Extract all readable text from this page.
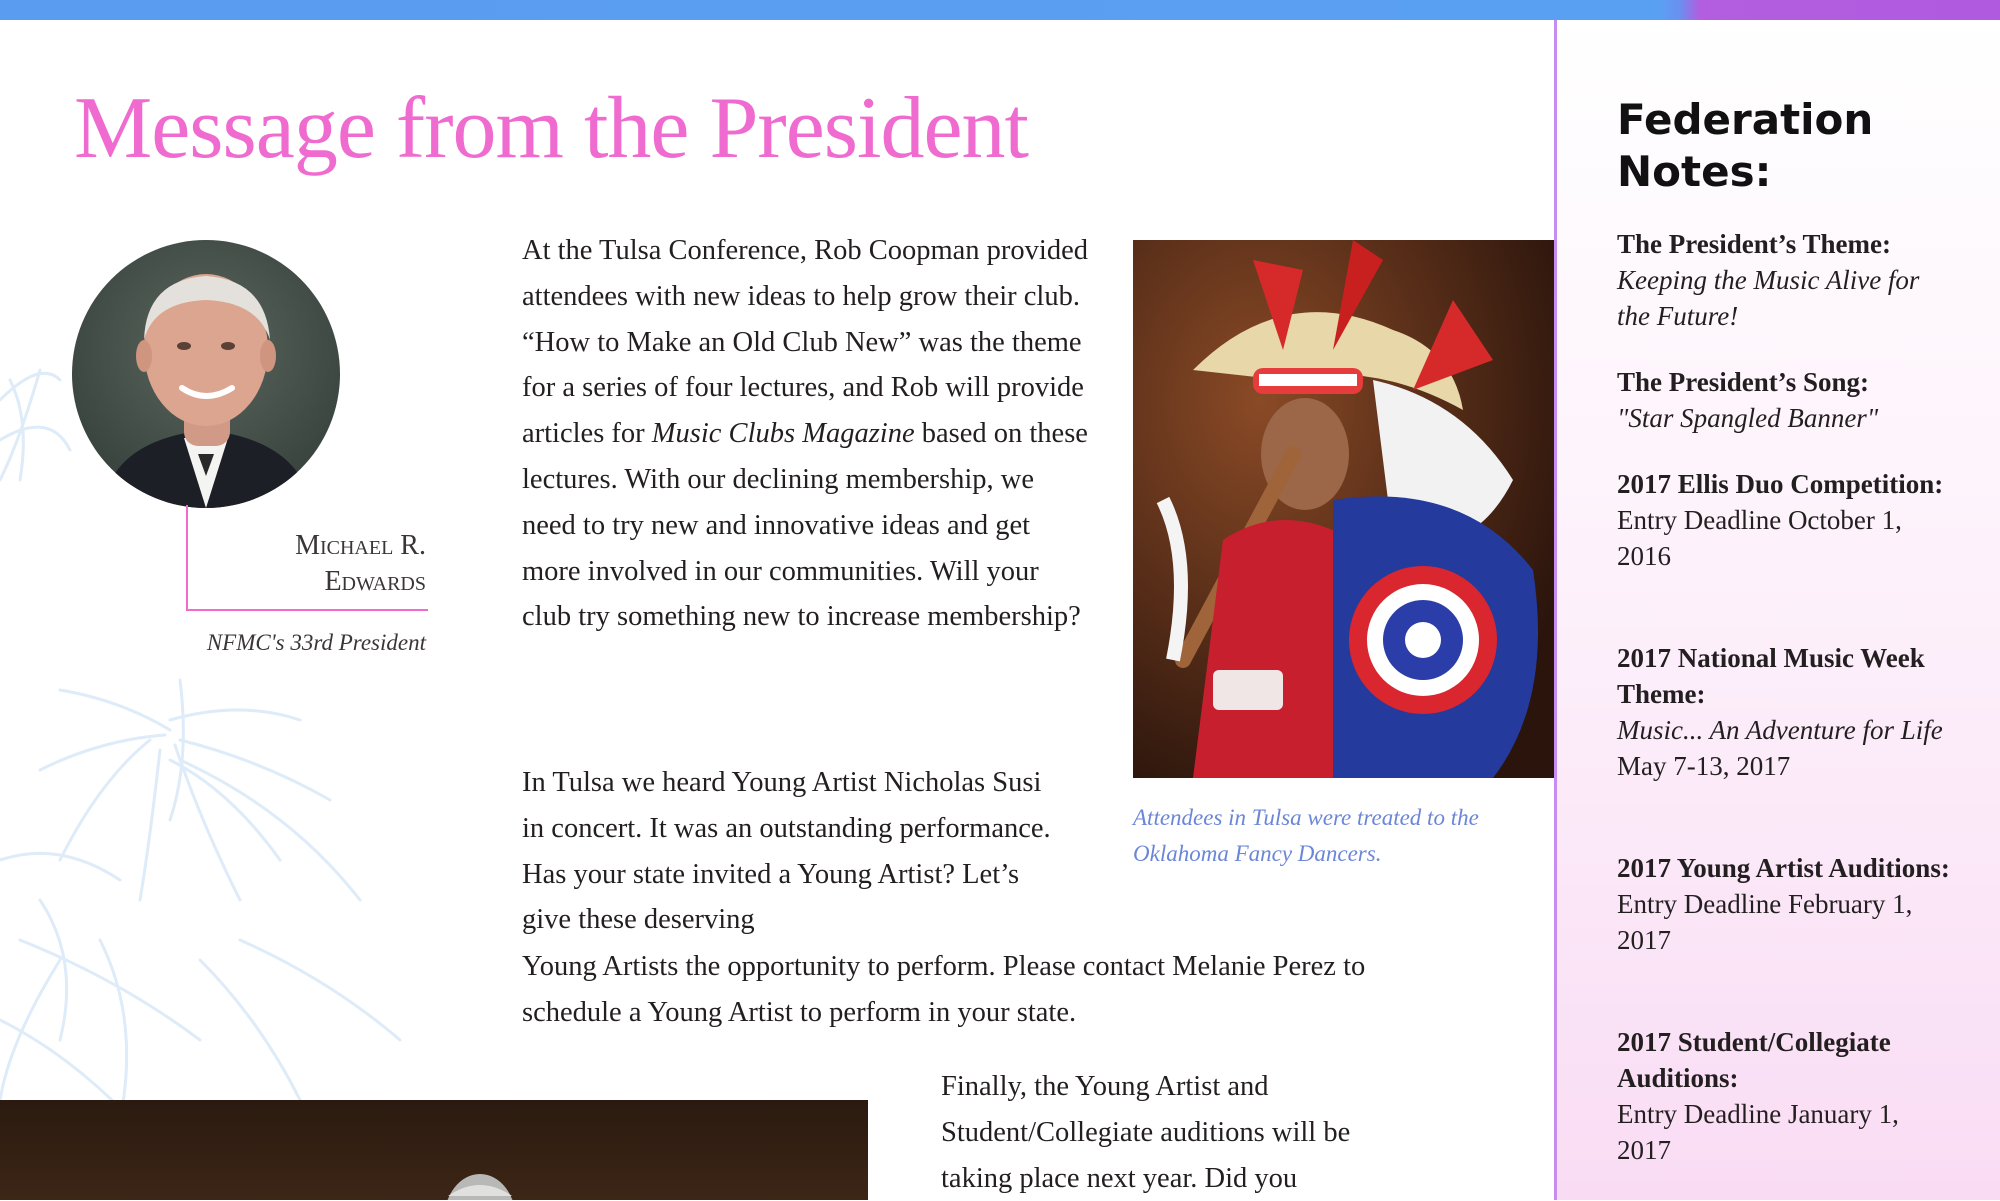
Message from the President
Michael R. Edwards
NFMC's 33rd President

At the Tulsa Conference, Rob Coopman provided attendees with new ideas to help grow their club. “How to Make an Old Club New” was the theme for a series of four lectures, and Rob will provide articles for Music Clubs Magazine based on these lectures. With our declining membership, we need to try new and innovative ideas and get more involved in our communities. Will your club try something new to increase membership?

In Tulsa we heard Young Artist Nicholas Susi in concert. It was an outstanding performance. Has your state invited a Young Artist? Let’s give these deserving

Young Artists the opportunity to perform. Please contact Melanie Perez to schedule a Young Artist to perform in your state.

Finally, the Young Artist and Student/Collegiate auditions will be taking place next year. Did you

Attendees in Tulsa were treated to the Oklahoma Fancy Dancers.
Federation Notes:
The President’s Theme:
Keeping the Music Alive for the Future!
The President’s Song:
"Star Spangled Banner"
2017 Ellis Duo Competition:
Entry Deadline October 1, 2016
2017 National Music Week Theme:
Music... An Adventure for Life
May 7-13, 2017
2017 Young Artist Auditions:
Entry Deadline February 1, 2017
2017 Student/Collegiate Auditions:
Entry Deadline January 1, 2017
